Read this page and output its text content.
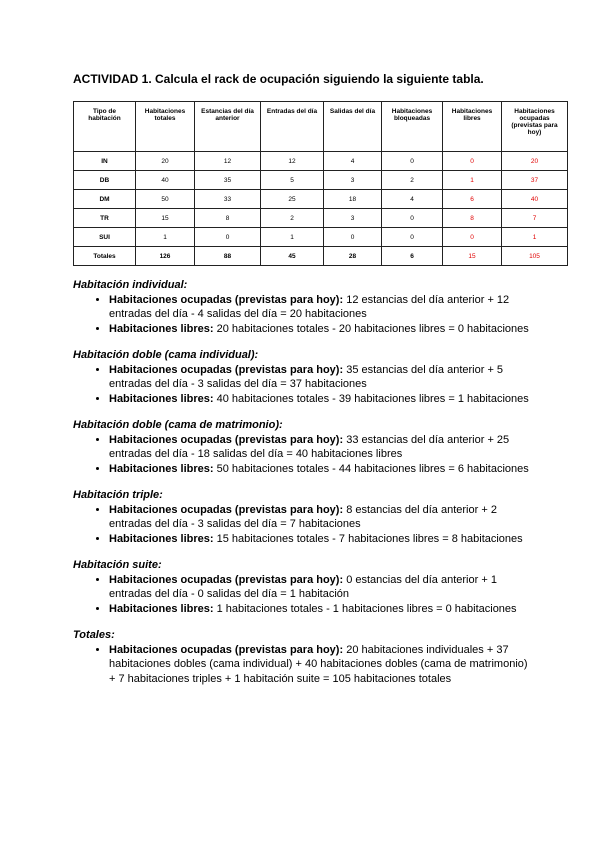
ACTIVIDAD 1. Calcula el rack de ocupación siguiendo la siguiente tabla.
Tipo de habitación	Habitaciones totales	Estancias del día anterior	Entradas del día	Salidas del día	Habitaciones bloqueadas	Habitaciones libres	Habitaciones ocupadas (previstas para hoy)
IN	20	12	12	4	0	0	20
DB	40	35	5	3	2	1	37
DM	50	33	25	18	4	6	40
TR	15	8	2	3	0	8	7
SUI	1	0	1	0	0	0	1
Totales	126	88	45	28	6	15	105
Habitación individual:
• Habitaciones ocupadas (previstas para hoy): 12 estancias del día anterior + 12 entradas del día - 4 salidas del día = 20 habitaciones
• Habitaciones libres: 20 habitaciones totales - 20 habitaciones libres = 0 habitaciones
Habitación doble (cama individual):
• Habitaciones ocupadas (previstas para hoy): 35 estancias del día anterior + 5 entradas del día - 3 salidas del día = 37 habitaciones
• Habitaciones libres: 40 habitaciones totales - 39 habitaciones libres = 1 habitaciones
Habitación doble (cama de matrimonio):
• Habitaciones ocupadas (previstas para hoy): 33 estancias del día anterior + 25 entradas del día - 18 salidas del día = 40 habitaciones libres
• Habitaciones libres: 50 habitaciones totales - 44 habitaciones libres = 6 habitaciones
Habitación triple:
• Habitaciones ocupadas (previstas para hoy): 8 estancias del día anterior + 2 entradas del día - 3 salidas del día = 7 habitaciones
• Habitaciones libres: 15 habitaciones totales - 7 habitaciones libres = 8 habitaciones
Habitación suite:
• Habitaciones ocupadas (previstas para hoy): 0 estancias del día anterior + 1 entradas del día - 0 salidas del día = 1 habitación
• Habitaciones libres: 1 habitaciones totales - 1 habitaciones libres = 0 habitaciones
Totales:
• Habitaciones ocupadas (previstas para hoy): 20 habitaciones individuales + 37 habitaciones dobles (cama individual) + 40 habitaciones dobles (cama de matrimonio) + 7 habitaciones triples + 1 habitación suite = 105 habitaciones totales
